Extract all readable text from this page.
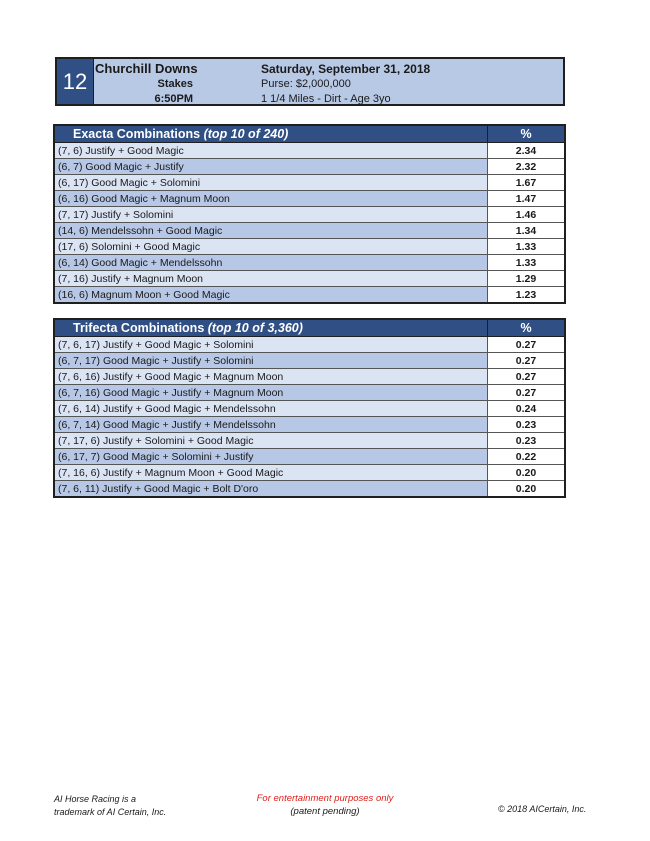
12 Churchill Downs
Stakes
6:50PM
Saturday, September 31, 2018
Purse: $2,000,000
1 1/4 Miles - Dirt - Age 3yo
Exacta Combinations (top 10 of 240)	%
(7, 6) Justify + Good Magic	2.34
(6, 7) Good Magic + Justify	2.32
(6, 17) Good Magic + Solomini	1.67
(6, 16) Good Magic + Magnum Moon	1.47
(7, 17) Justify + Solomini	1.46
(14, 6) Mendelssohn + Good Magic	1.34
(17, 6) Solomini + Good Magic	1.33
(6, 14) Good Magic + Mendelssohn	1.33
(7, 16) Justify + Magnum Moon	1.29
(16, 6) Magnum Moon + Good Magic	1.23
Trifecta Combinations (top 10 of 3,360)	%
(7, 6, 17) Justify + Good Magic + Solomini	0.27
(6, 7, 17) Good Magic + Justify + Solomini	0.27
(7, 6, 16) Justify + Good Magic + Magnum Moon	0.27
(6, 7, 16) Good Magic + Justify + Magnum Moon	0.27
(7, 6, 14) Justify + Good Magic + Mendelssohn	0.24
(6, 7, 14) Good Magic + Justify + Mendelssohn	0.23
(7, 17, 6) Justify + Solomini + Good Magic	0.23
(6, 17, 7) Good Magic + Solomini + Justify	0.22
(7, 16, 6) Justify + Magnum Moon + Good Magic	0.20
(7, 6, 11) Justify + Good Magic + Bolt D'oro	0.20
AI Horse Racing is a
trademark of AI Certain, Inc.
For entertainment purposes only
(patent pending)	© 2018 AICertain, Inc.
